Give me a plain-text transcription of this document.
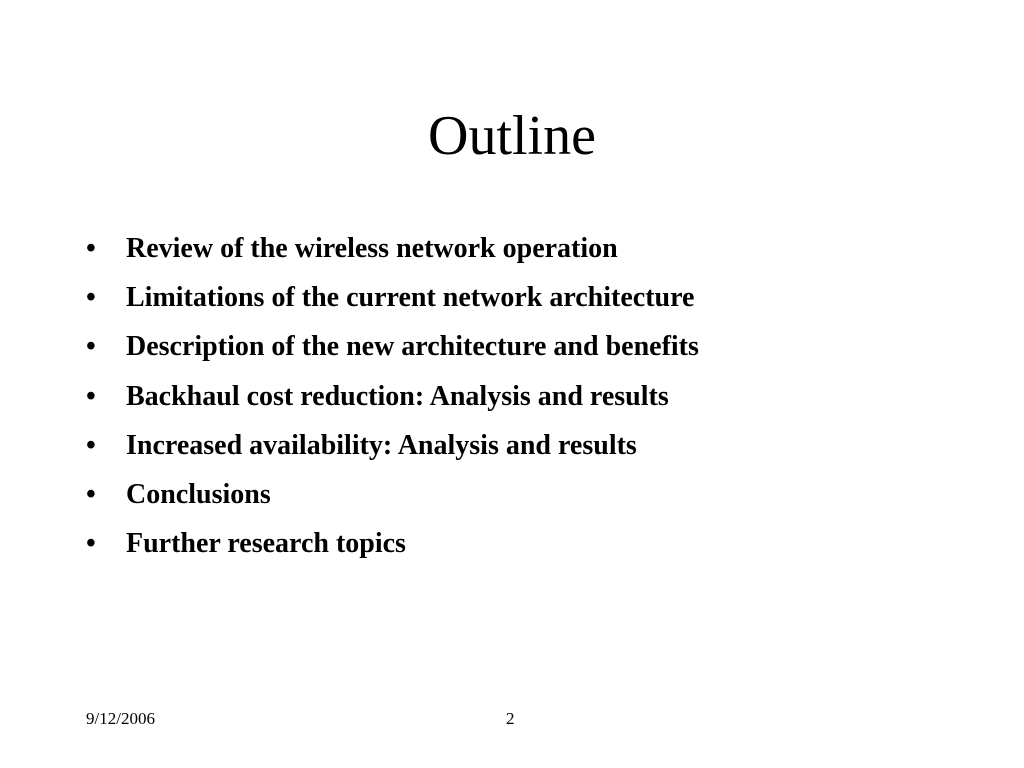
Outline
•	Review of the wireless network operation
•	Limitations of the current network architecture
•	Description of the new architecture and benefits
•	Backhaul cost reduction: Analysis and results
•	Increased availability: Analysis and results
•	Conclusions
•	Further research topics
9/12/2006	2
